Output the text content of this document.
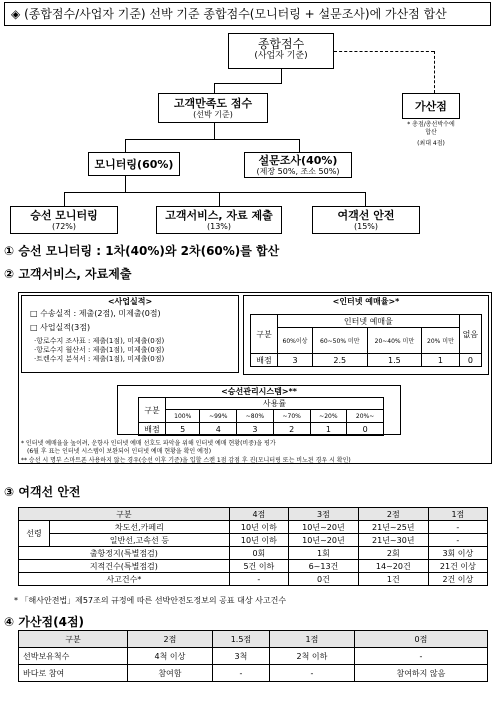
◈ (종합점수/사업자 기준) 선박 기준 종합점수(모니터링 + 설문조사)에 가산점 합산
종합점수
(사업자 기준)
고객만족도 점수
(선박 기준)
가산점
* 총점/총선박수에
합산
(최대 4점)
모니터링(60%)	설문조사(40%)
(제장 50%, 조소 50%)
승선 모니터링
(72%)
고객서비스, 자료 제출
(13%)
여객선 안전
(15%)
① 승선 모니터링 : 1차(40%)와 2차(60%)를 합산
② 고객서비스, 자료제출
<사업실적>
□ 수송실적 : 제출(2점), 미제출(0점)
□ 사업실적(3점)
·항로수지 조사표 : 제출(1점), 미제출(0점)
·항로수지 월산서 : 제출(1점), 미제출(0점)
·트렌수지 분석서 : 제출(1점), 미제출(0점)
<인터넷 예매율>*
구분	인터넷 예매율				없음
	60%이상	60~50% 미만	20~40% 미만	20% 미만	
배점	3	2.5	1.5	1	0
<승선관리시스템>**
구분	사용률					
	100%	~99%	~80%	~70%	~20%	20%~
배점	5	4	3	2	1	0
* 인터넷 예매율을 높이려, 운항사 인터넷 예매 선호도 파악을 위해 인터넷 예매 현황(비중)을 평가
(6월 후 표는 인터넷 시스템이 보완되어 인터넷 예매 현황을 확인 예정)
** 승선 시 명부 스마트폰 사용하지 않는 경우(승선 이후 기준)을 입할 스캔 1점 감점 후 진(모니터링 또는 비노된 경우 시 확인)
③ 여객선 안전
구분		4점	3점	2점	1점
선령	차도선,카페리	10년 이하	10년~20년	21년~25년	-
	일반선,고속선 등	10년 이하	10년~20년	21년~30년	-
출항정지(특별점검)		0회	1회	2회	3회 이상
지적건수(특별점검)		5건 이하	6~13건	14~20건	21건 이상
사고건수*		-	0건	1건	2건 이상
* 「해사안전법」제57조의 규정에 따른 선박안전도정보의 공표 대상 사고건수
④ 가산점(4점)
구분	2점	1.5점	1점	0점
선박보유척수	4척 이상	3척	2척 이하	-
바다로 참여	참여함	-	-	참여하지 않음
